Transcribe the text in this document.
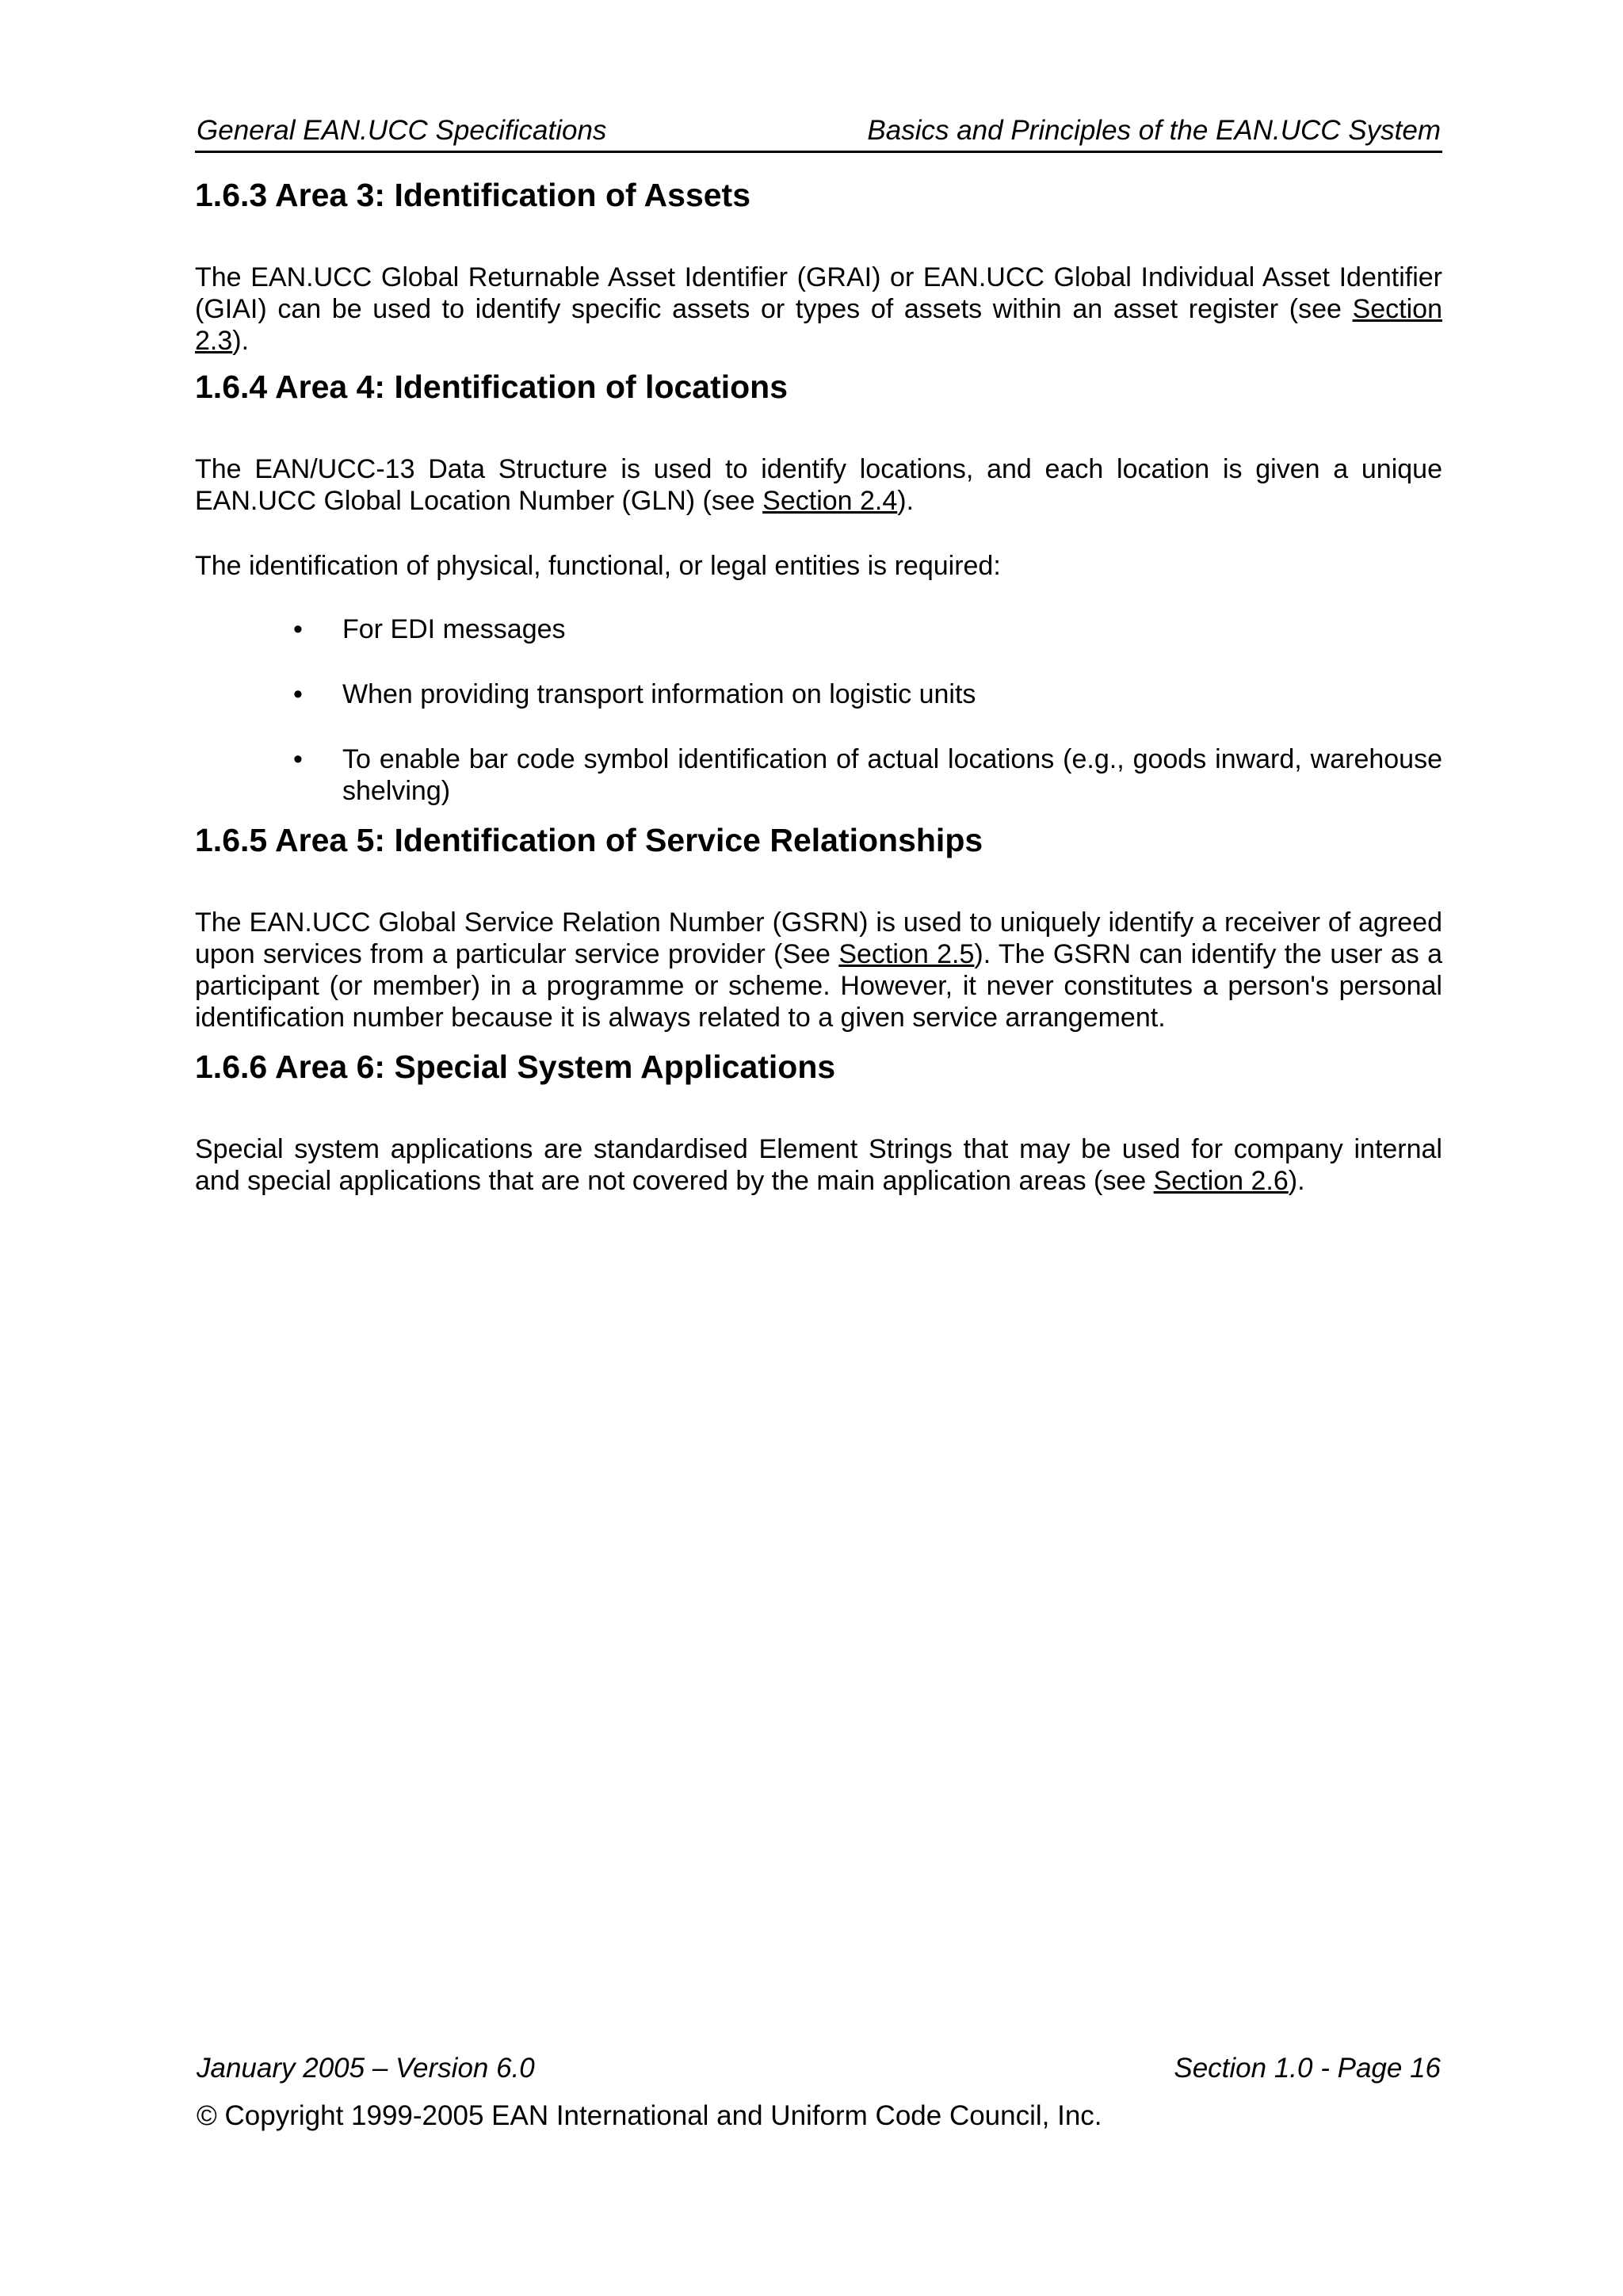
General EAN.UCC Specifications	Basics and Principles of the EAN.UCC System
1.6.3 Area 3: Identification of Assets

The EAN.UCC Global Returnable Asset Identifier (GRAI) or EAN.UCC Global Individual Asset Identifier (GIAI) can be used to identify specific assets or types of assets within an asset register (see Section 2.3).

1.6.4 Area 4: Identification of locations

The EAN/UCC-13 Data Structure is used to identify locations, and each location is given a unique EAN.UCC Global Location Number (GLN) (see Section 2.4).

The identification of physical, functional, or legal entities is required:

• For EDI messages
• When providing transport information on logistic units
• To enable bar code symbol identification of actual locations (e.g., goods inward, warehouse shelving)
1.6.5 Area 5: Identification of Service Relationships

The EAN.UCC Global Service Relation Number (GSRN) is used to uniquely identify a receiver of agreed upon services from a particular service provider (See Section 2.5). The GSRN can identify the user as a participant (or member) in a programme or scheme. However, it never constitutes a person's personal identification number because it is always related to a given service arrangement.

1.6.6 Area 6: Special System Applications

Special system applications are standardised Element Strings that may be used for company internal and special applications that are not covered by the main application areas (see Section 2.6).

January 2005 – Version 6.0	Section 1.0 - Page 16
© Copyright 1999-2005 EAN International and Uniform Code Council, Inc.
